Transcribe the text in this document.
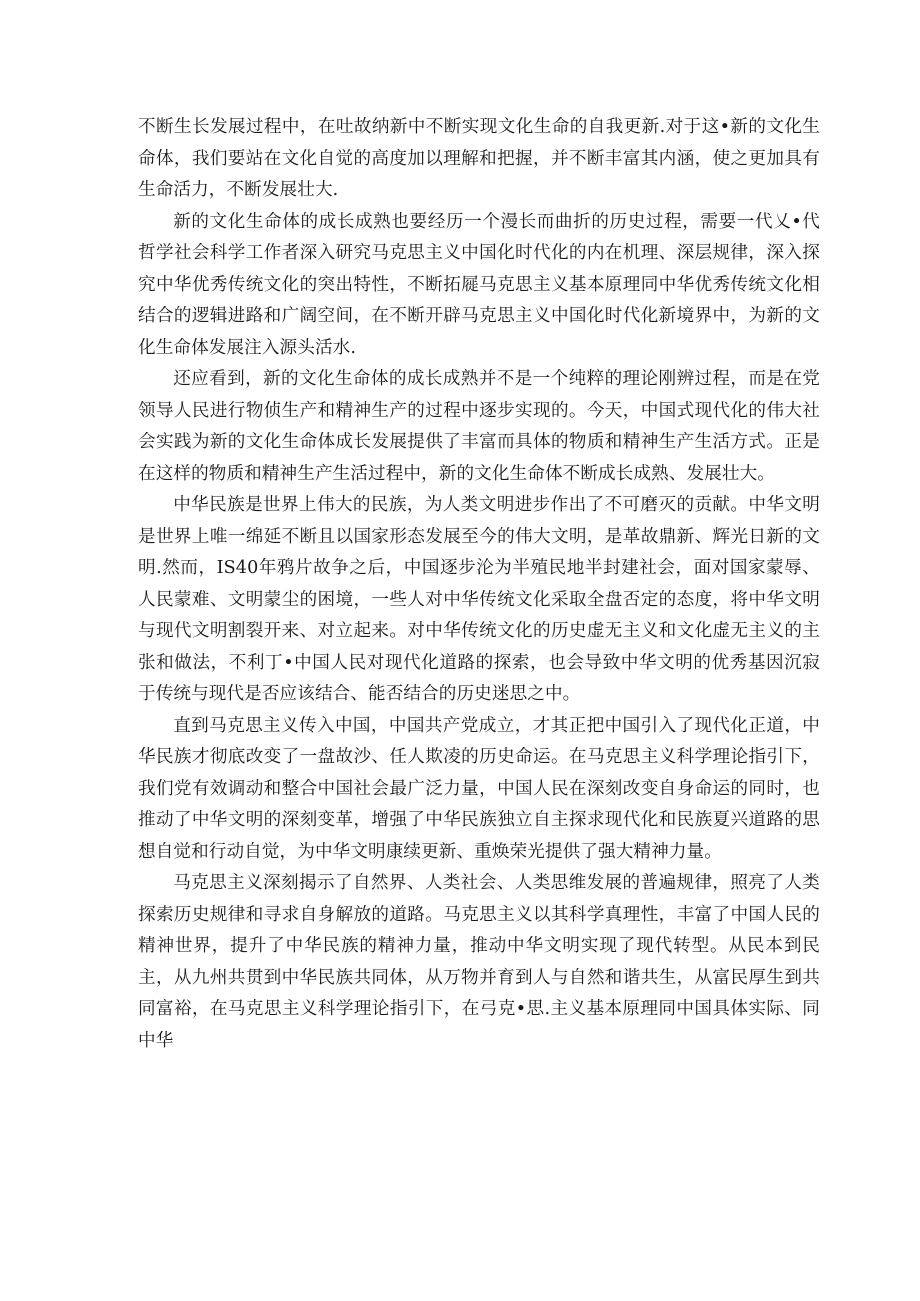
不断生长发展过程中，在吐故纳新中不断实现文化生命的自我更新.对于这•新的文化生命体，我们要站在文化自觉的高度加以理解和把握，并不断丰富其内涵，使之更加具有生命活力，不断发展壮大.

新的文化生命体的成长成熟也要经历一个漫长而曲折的历史过程，需要一代乂•代哲学社会科学工作者深入研究马克思主义中国化时代化的内在机理、深层规律，深入探究中华优秀传统文化的突出特性，不断拓屣马克思主义基本原理同中华优秀传统文化相结合的逻辑进路和广阔空间，在不断开辟马克思主义中国化时代化新境界中，为新的文化生命体发展注入源头活水.

还应看到，新的文化生命体的成长成熟并不是一个纯粹的理论刚辨过程，而是在党领导人民进行物侦生产和精神生产的过程中逐步实现的。今天，中国式现代化的伟大社会实践为新的文化生命体成长发展提供了丰富而具体的物质和精神生产生活方式。正是在这样的物质和精神生产生活过程中，新的文化生命体不断成长成熟、发展壮大。

中华民族是世界上伟大的民族，为人类文明进步作出了不可磨灭的贡献。中华文明是世界上唯一绵延不断且以国家形态发展至今的伟大文明，是革故鼎新、辉光日新的文明.然而，IS40年鸦片故争之后，中国逐步沦为半殖民地半封建社会，面对国家蒙辱、人民蒙难、文明蒙尘的困境，一些人对中华传统文化采取全盘否定的态度，将中华文明与现代文明割裂开来、对立起来。对中华传统文化的历史虚无主义和文化虚无主义的主张和做法，不利丁•中国人民对现代化道路的探索，也会导致中华文明的优秀基因沉寂于传统与现代是否应该结合、能否结合的历史迷思之中。

直到马克思主义传入中国，中国共产党成立，才其正把中国引入了现代化正道，中华民族才彻底改变了一盘故沙、任人欺凌的历史命运。在马克思主义科学理论指引下，我们党有效调动和整合中国社会最广泛力量，中国人民在深刻改变自身命运的同时，也推动了中华文明的深刻变革，增强了中华民族独立自主探求现代化和民族夏兴道路的思想自觉和行动自觉，为中华文明康续更新、重焕荣光提供了强大精神力量。

马克思主义深刻揭示了自然界、人类社会、人类思维发展的普遍规律，照亮了人类探索历史规律和寻求自身解放的道路。马克思主义以其科学真理性，丰富了中国人民的精神世界，提升了中华民族的精神力量，推动中华文明实现了现代转型。从民本到民主，从九州共贯到中华民族共同体，从万物并育到人与自然和谐共生，从富民厚生到共同富裕，在马克思主义科学理论指引下，在弓克•思.主义基本原理同中国具体实际、同中华
